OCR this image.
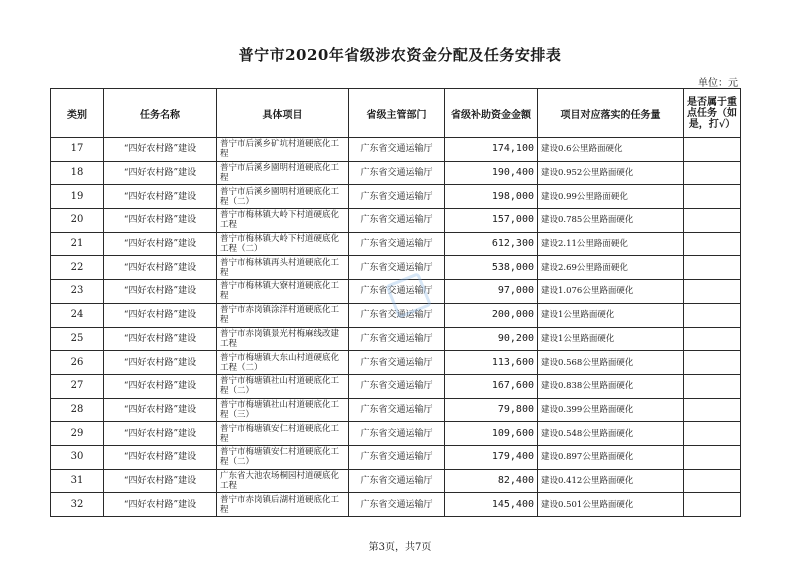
普宁市2020年省级涉农资金分配及任务安排表
单位：元
类别	任务名称	具体项目	省级主管部门	省级补助资金金额	项目对应落实的任务量	是否属于重点任务（如是，打√）
17	“四好农村路”建设	普宁市后溪乡矿坑村道硬底化工程	广东省交通运输厅	174,100	建设0.6公里路面硬化	
18	“四好农村路”建设	普宁市后溪乡園明村道硬底化工程	广东省交通运输厅	190,400	建设0.952公里路面硬化	
19	“四好农村路”建设	普宁市后溪乡園明村道硬底化工程（二）	广东省交通运输厅	198,000	建设0.99公里路面硬化	
20	“四好农村路”建设	普宁市梅林镇大岭下村道硬底化工程	广东省交通运输厅	157,000	建设0.785公里路面硬化	
21	“四好农村路”建设	普宁市梅林镇大岭下村道硬底化工程（二）	广东省交通运输厅	612,300	建设2.11公里路面硬化	
22	“四好农村路”建设	普宁市梅林镇再头村道硬底化工程	广东省交通运输厅	538,000	建设2.69公里路面硬化	
23	“四好农村路”建设	普宁市梅林镇大寮村道硬底化工程	广东省交通运输厅	97,000	建设1.076公里路面硬化	
24	“四好农村路”建设	普宁市赤岗镇涂洋村道硬底化工程	广东省交通运输厅	200,000	建设1公里路面硬化	
25	“四好农村路”建设	普宁市赤岗镇景光村梅麻线改建工程	广东省交通运输厅	90,200	建设1公里路面硬化	
26	“四好农村路”建设	普宁市梅塘镇大东山村道硬底化工程（二）	广东省交通运输厅	113,600	建设0.568公里路面硬化	
27	“四好农村路”建设	普宁市梅塘镇社山村道硬底化工程（二）	广东省交通运输厅	167,600	建设0.838公里路面硬化	
28	“四好农村路”建设	普宁市梅塘镇社山村道硬底化工程（三）	广东省交通运输厅	79,800	建设0.399公里路面硬化	
29	“四好农村路”建设	普宁市梅塘镇安仁村道硬底化工程	广东省交通运输厅	109,600	建设0.548公里路面硬化	
30	“四好农村路”建设	普宁市梅塘镇安仁村道硬底化工程（二）	广东省交通运输厅	179,400	建设0.897公里路面硬化	
31	“四好农村路”建设	广东省大池农场桐园村道硬底化工程	广东省交通运输厅	82,400	建设0.412公里路面硬化	
32	“四好农村路”建设	普宁市赤岗镇后湖村道硬底化工程	广东省交通运输厅	145,400	建设0.501公里路面硬化	

第3页，共7页
